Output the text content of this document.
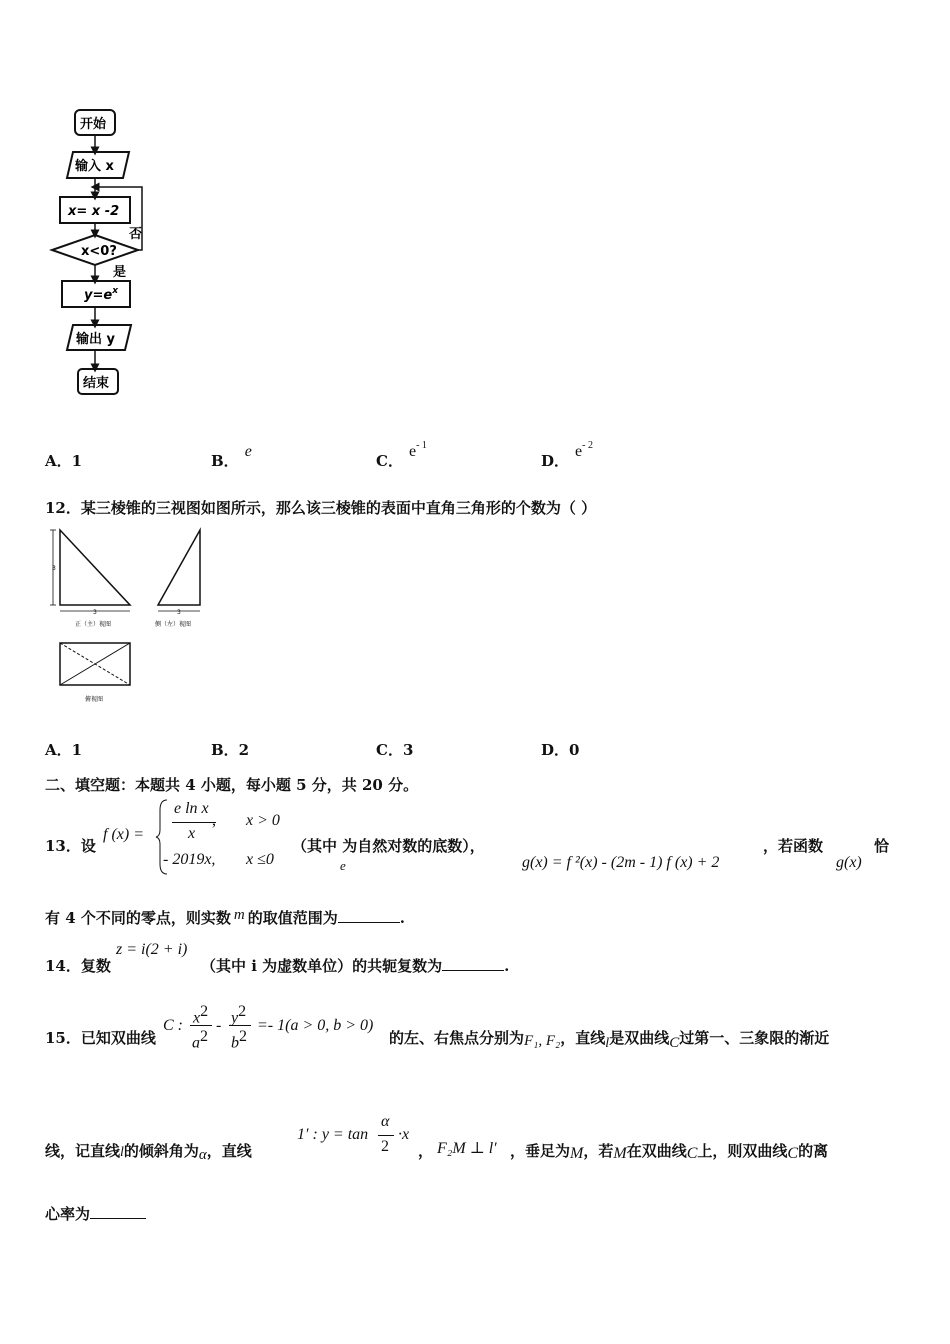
开始
输入 x
x= x -2
x<0?
否
是
$y=e^x$
输出 y
结束
A．1	B．e
C．$e^{- 1}$
D．$e^{- 2}$
12．某三棱锥的三视图如图所示，那么该三棱锥的表面中直角三角形的个数为（ ）
3
3
正（主）视图
3
侧（左）视图
俯视图
A．1	B．2	C．3	D．0
二、填空题：本题共 4 小题，每小题 5 分，共 20 分。
13．设
f (x) =
e ln x
x
, x > 0
- 2019x, x ≤0
（其中 为自然对数的底数），
e	g(x) = f ²(x) - (2m - 1) f (x) + 2
，若函数
g(x)
恰
有 4 个不同的零点，则实数 m 的取值范围为	.
14．复数
z = i(2 + i)
（其中 i 为虚数单位）的共轭复数为	.
15．已知双曲线
C : $x^2$
$a^2$
- $y^2$
$b^2$
=- 1(a > 0, b > 0)
的左、右焦点分别为F₁, F₂，直线l是双曲线C过第一、三象限的渐近
线，记直线l的倾斜角为α，直线
1′ : y = tan
α
2
·x
， F₂M ⊥ l′ ，垂足为M，若M在双曲线C上，则双曲线C的离
心率为
